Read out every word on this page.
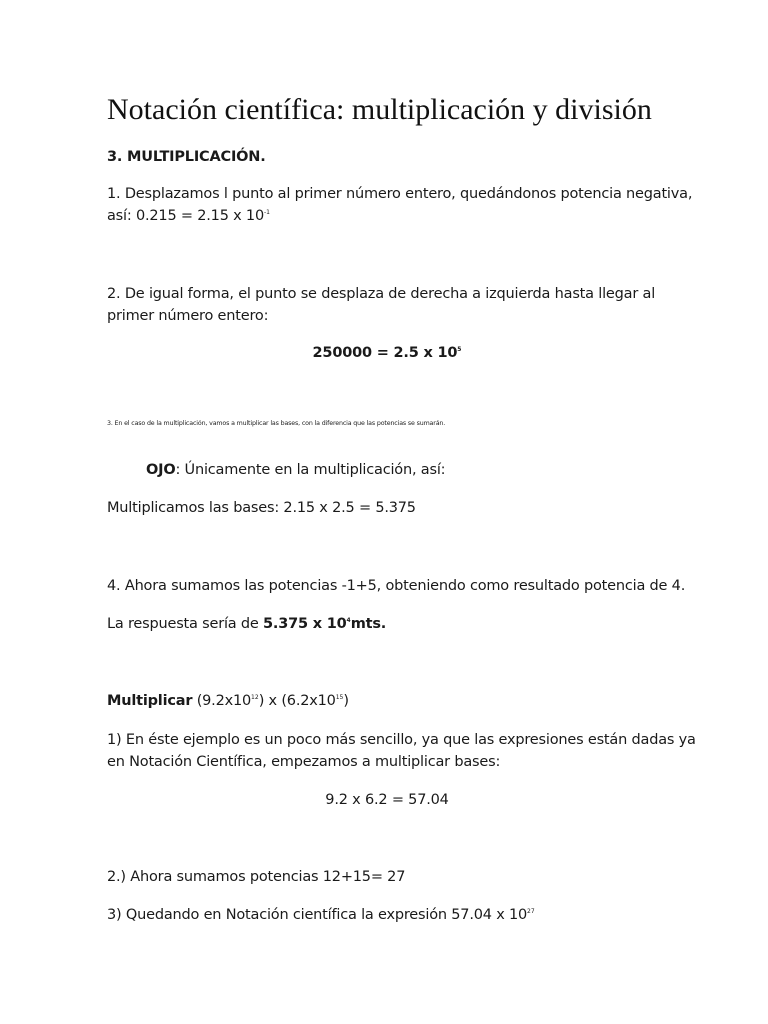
Notación científica: multiplicación y división
3. MULTIPLICACIÓN.
1. Desplazamos l punto al primer número entero, quedándonos potencia negativa,
así: 0.215 = 2.15 x $10^{-1}$
2. De igual forma, el punto se desplaza de derecha a izquierda hasta llegar al
primer número entero:
250000 = 2.5 x $10^5$
3. En el caso de la multiplicación, vamos a multiplicar las bases, con la diferencia que las potencias se sumarán.
OJO: Únicamente en la multiplicación, así:
Multiplicamos las bases: 2.15 x 2.5 = 5.375
4. Ahora sumamos las potencias -1+5, obteniendo como resultado potencia de 4.
La respuesta sería de 5.375 x $10^4mts$.
Multiplicar $(9.2x10^{12})$ x $(6.2x10^{15})$
1) En éste ejemplo es un poco más sencillo, ya que las expresiones están dadas ya
en Notación Científica, empezamos a multiplicar bases:
9.2 x 6.2 = 57.04
2.) Ahora sumamos potencias 12+15= 27
3) Quedando en Notación científica la expresión 57.04 x $10^{27}$
